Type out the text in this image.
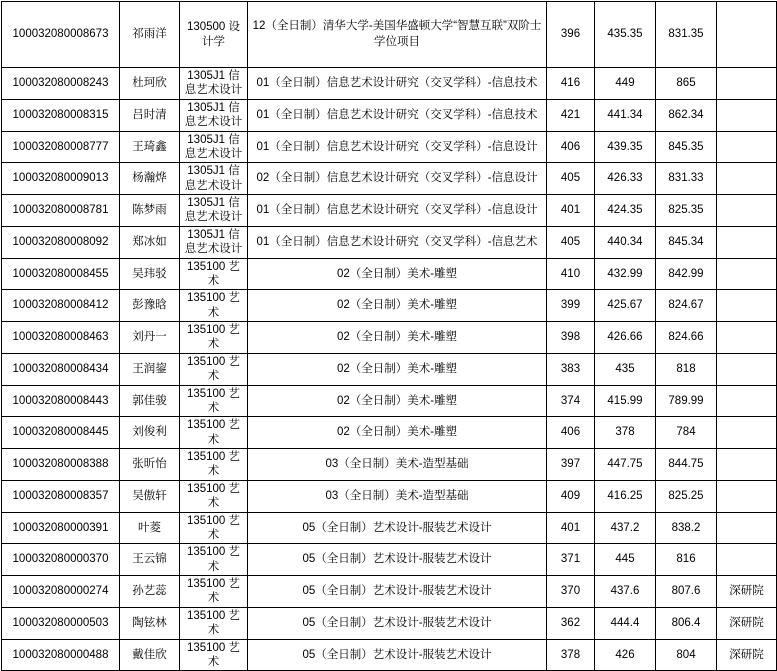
100032080008673	祁雨洋	130500 设计学	12（全日制）清华大学-美国华盛顿大学“智慧互联”双阶士学位项目	396	435.35	831.35	
100032080008243	杜珂欣	1305J1 信息艺术设计	01（全日制）信息艺术设计研究（交叉学科）-信息技术	416	449	865	
100032080008315	吕时清	1305J1 信息艺术设计	01（全日制）信息艺术设计研究（交叉学科）-信息技术	421	441.34	862.34	
100032080008777	王琦鑫	1305J1 信息艺术设计	01（全日制）信息艺术设计研究（交叉学科）-信息设计	406	439.35	845.35	
100032080009013	杨瀚烨	1305J1 信息艺术设计	02（全日制）信息艺术设计研究（交叉学科）-信息设计	405	426.33	831.33	
100032080008781	陈梦雨	1305J1 信息艺术设计	01（全日制）信息艺术设计研究（交叉学科）-信息设计	401	424.35	825.35	
100032080008092	郑冰如	1305J1 信息艺术设计	01（全日制）信息艺术设计研究（交叉学科）-信息艺术	405	440.34	845.34	
100032080008455	吴玮驳	135100 艺术	02（全日制）美术-雕塑	410	432.99	842.99	
100032080008412	彭豫晗	135100 艺术	02（全日制）美术-雕塑	399	425.67	824.67	
100032080008463	刘丹一	135100 艺术	02（全日制）美术-雕塑	398	426.66	824.66	
100032080008434	王润鋆	135100 艺术	02（全日制）美术-雕塑	383	435	818	
100032080008443	郭佳骏	135100 艺术	02（全日制）美术-雕塑	374	415.99	789.99	
100032080008445	刘俊利	135100 艺术	02（全日制）美术-雕塑	406	378	784	
100032080008388	张昕怡	135100 艺术	03（全日制）美术-造型基础	397	447.75	844.75	
100032080008357	吴傲轩	135100 艺术	03（全日制）美术-造型基础	409	416.25	825.25	
100032080000391	叶菱	135100 艺术	05（全日制）艺术设计-服装艺术设计	401	437.2	838.2	
100032080000370	王云锦	135100 艺术	05（全日制）艺术设计-服装艺术设计	371	445	816	
100032080000274	孙艺蕊	135100 艺术	05（全日制）艺术设计-服装艺术设计	370	437.6	807.6	深研院
100032080000503	陶铉林	135100 艺术	05（全日制）艺术设计-服装艺术设计	362	444.4	806.4	深研院
100032080000488	戴佳欣	135100 艺术	05（全日制）艺术设计-服装艺术设计	378	426	804	深研院
